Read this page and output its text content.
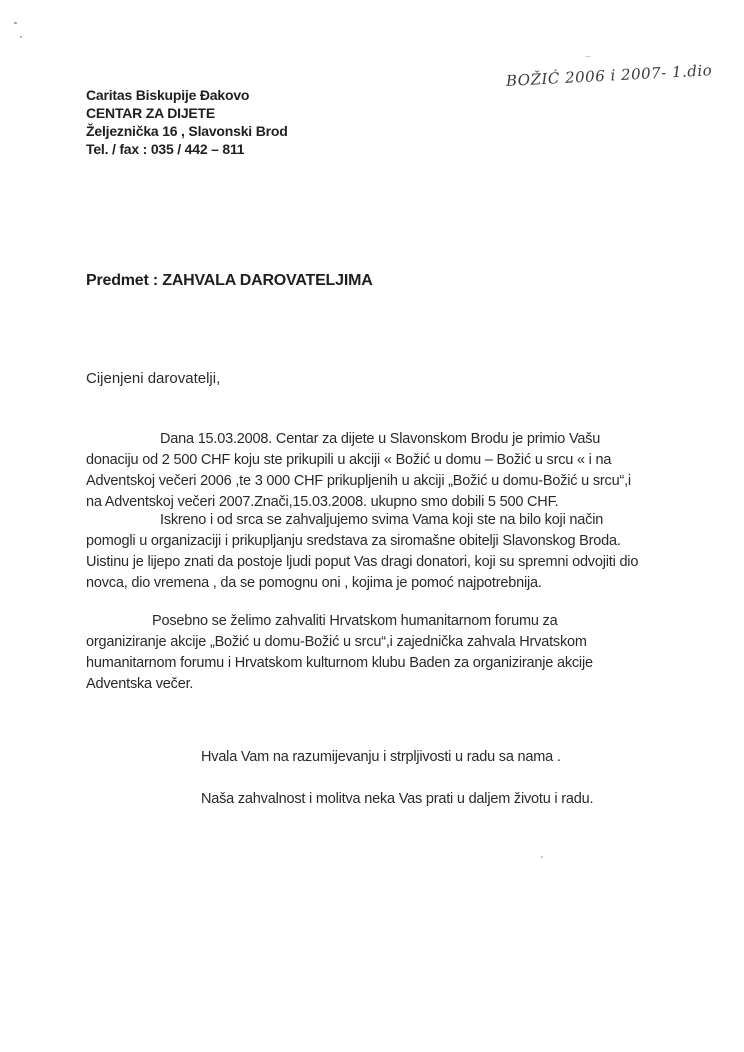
Caritas Biskupije Đakovo
CENTAR ZA DIJETE
Željeznička 16 , Slavonski Brod
Tel. / fax : 035 / 442 – 811
BOŽIĆ 2006 i 2007- 1.dio
Predmet : ZAHVALA DAROVATELJIMA
Cijenjeni darovatelji,
Dana 15.03.2008. Centar za dijete u Slavonskom Brodu je primio Vašu
donaciju od 2 500 CHF koju ste prikupili u akciji « Božić u domu – Božić u srcu « i na
Adventskoj večeri 2006 ,te 3 000 CHF prikupljenih u akciji „Božić u domu-Božić u srcu“,i
na Adventskoj večeri 2007.Znači,15.03.2008. ukupno smo dobili 5 500 CHF.
Iskreno i od srca se zahvaljujemo svima Vama koji ste na bilo koji način
pomogli u organizaciji i prikupljanju sredstava za siromašne obitelji Slavonskog Broda.
Uistinu je lijepo znati da postoje ljudi poput Vas dragi donatori, koji su spremni odvojiti dio
novca, dio vremena , da se pomognu oni , kojima je pomoć najpotrebnija.
Posebno se želimo zahvaliti Hrvatskom humanitarnom forumu za
organiziranje akcije „Božić u domu-Božić u srcu“,i zajednička zahvala Hrvatskom
humanitarnom forumu i Hrvatskom kulturnom klubu Baden za organiziranje akcije
Adventska večer.
Hvala Vam na razumijevanju i strpljivosti u radu sa nama .
Naša zahvalnost i molitva neka Vas prati u daljem životu i radu.
